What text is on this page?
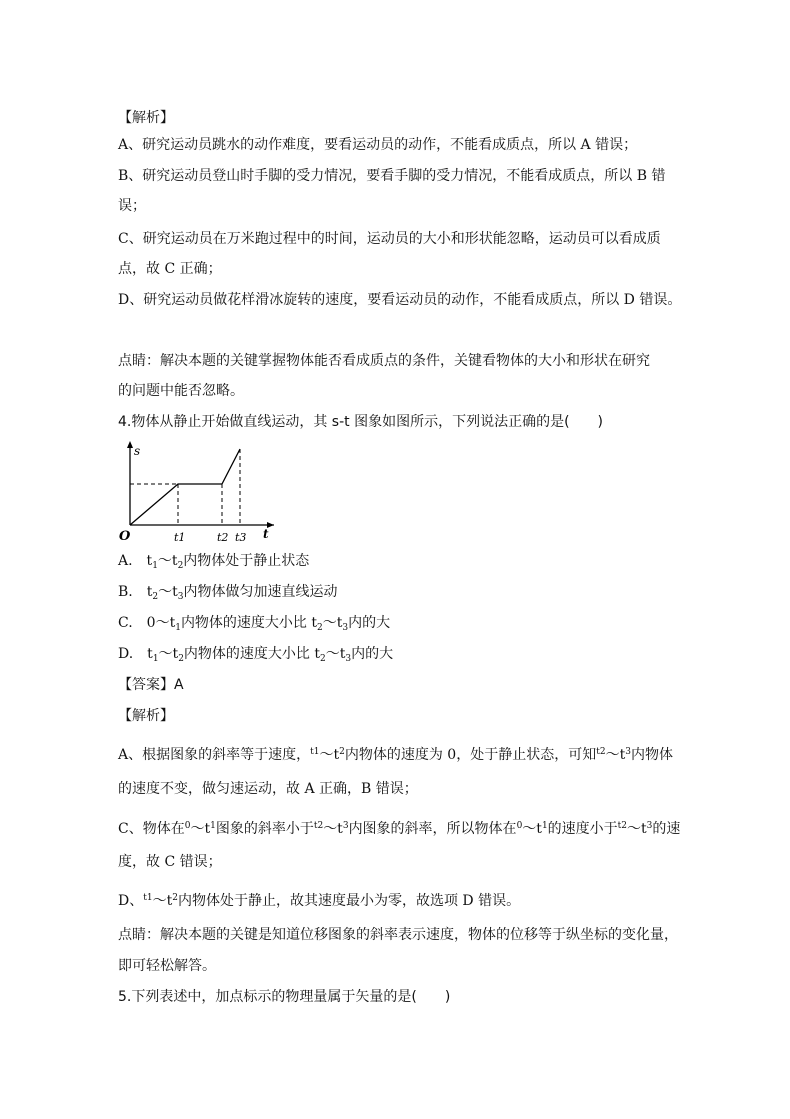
【解析】
A、研究运动员跳水的动作难度，要看运动员的动作，不能看成质点，所以 A 错误；
B、研究运动员登山时手脚的受力情况，要看手脚的受力情况，不能看成质点，所以 B 错
误；
C、研究运动员在万米跑过程中的时间，运动员的大小和形状能忽略，运动员可以看成质
点，故 C 正确；
D、研究运动员做花样滑冰旋转的速度，要看运动员的动作，不能看成质点，所以 D 错误。
点睛：解决本题的关键掌握物体能否看成质点的条件，关键看物体的大小和形状在研究
的问题中能否忽略。
4.物体从静止开始做直线运动，其 s-t 图象如图所示，下列说法正确的是(　　)
s
O	t
t1	t2 t3
A.　$t_1\sim t_2$内物体处于静止状态
B.　$t_2\sim t_3$内物体做匀加速直线运动
C.　$0\sim t_1$内物体的速度大小比 $t_2\sim t_3$内的大
D.　$t_1\sim t_2$内物体的速度大小比 $t_2\sim t_3$内的大
【答案】A
【解析】
A、根据图象的斜率等于速度，$^{t1}\sim t^2$内物体的速度为 0，处于静止状态，可知$^{t2}\sim t^3$内物体
的速度不变，做匀速运动，故 A 正确，B 错误；
C、物体在$^0\sim t^1$图象的斜率小于$^{t2}\sim t^3$内图象的斜率，所以物体在$^0\sim t^1$的速度小于$^{t2}\sim t^3$的速
度，故 C 错误；
D、$^{t1}\sim t^2$内物体处于静止，故其速度最小为零，故选项 D 错误。
点睛：解决本题的关键是知道位移图象的斜率表示速度，物体的位移等于纵坐标的变化量，
即可轻松解答。
5.下列表述中，加点标示的物理量属于矢量的是(　　)
